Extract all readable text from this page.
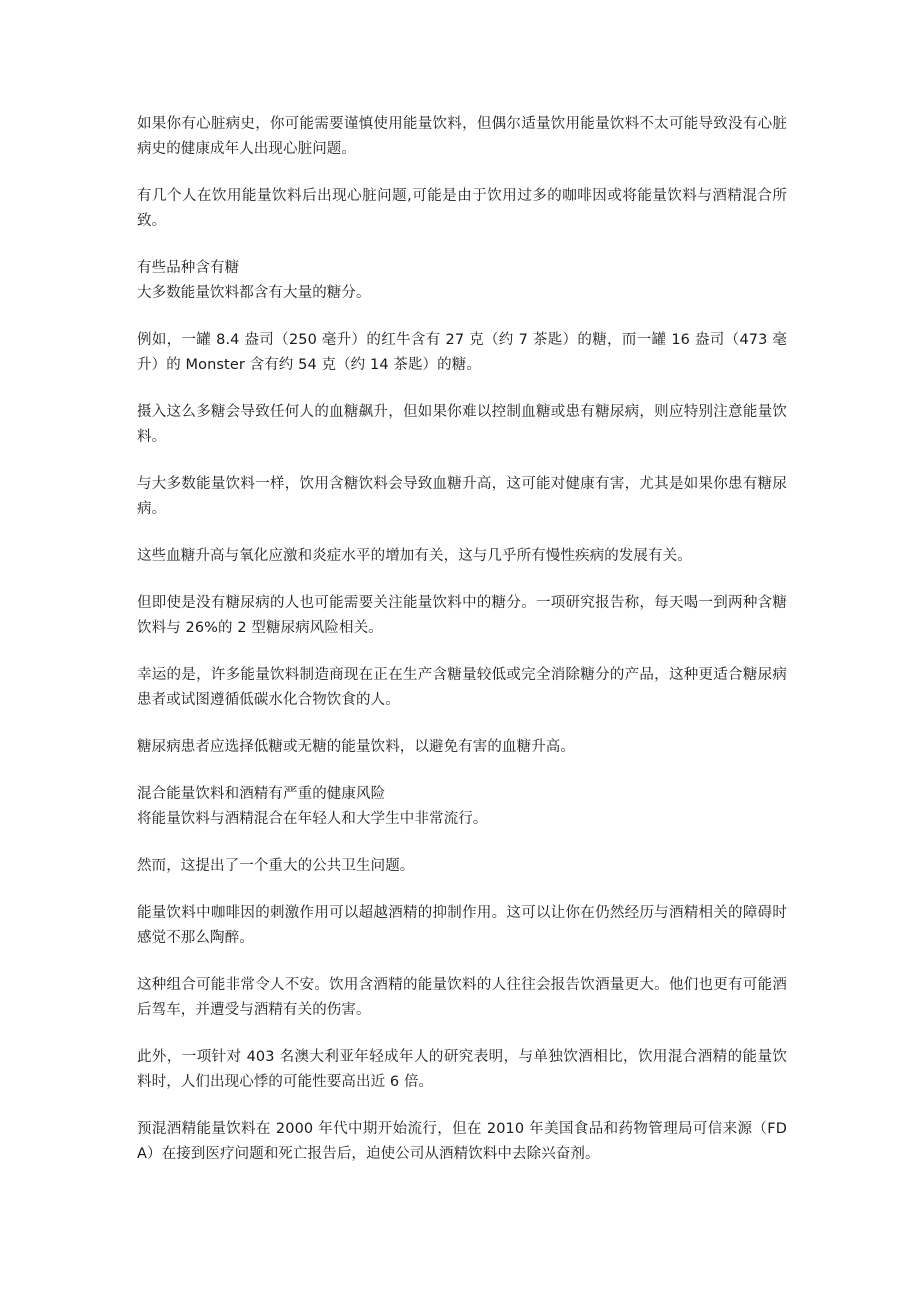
如果你有心脏病史，你可能需要谨慎使用能量饮料，但偶尔适量饮用能量饮料不太可能导致没有心脏病史的健康成年人出现心脏问题。

有几个人在饮用能量饮料后出现心脏问题,可能是由于饮用过多的咖啡因或将能量饮料与酒精混合所致。

有些品种含有糖

大多数能量饮料都含有大量的糖分。

例如，一罐 8.4 盎司（250 毫升）的红牛含有 27 克（约 7 茶匙）的糖，而一罐 16 盎司（473 毫升）的 Monster 含有约 54 克（约 14 茶匙）的糖。

摄入这么多糖会导致任何人的血糖飙升，但如果你难以控制血糖或患有糖尿病，则应特别注意能量饮料。

与大多数能量饮料一样，饮用含糖饮料会导致血糖升高，这可能对健康有害，尤其是如果你患有糖尿病。

这些血糖升高与氧化应激和炎症水平的增加有关，这与几乎所有慢性疾病的发展有关。

但即使是没有糖尿病的人也可能需要关注能量饮料中的糖分。一项研究报告称，每天喝一到两种含糖饮料与 26%的 2 型糖尿病风险相关。

幸运的是，许多能量饮料制造商现在正在生产含糖量较低或完全消除糖分的产品，这种更适合糖尿病患者或试图遵循低碳水化合物饮食的人。

糖尿病患者应选择低糖或无糖的能量饮料，以避免有害的血糖升高。

混合能量饮料和酒精有严重的健康风险

将能量饮料与酒精混合在年轻人和大学生中非常流行。

然而，这提出了一个重大的公共卫生问题。

能量饮料中咖啡因的刺激作用可以超越酒精的抑制作用。这可以让你在仍然经历与酒精相关的障碍时感觉不那么陶醉。

这种组合可能非常令人不安。饮用含酒精的能量饮料的人往往会报告饮酒量更大。他们也更有可能酒后驾车，并遭受与酒精有关的伤害。

此外，一项针对 403 名澳大利亚年轻成年人的研究表明，与单独饮酒相比，饮用混合酒精的能量饮料时，人们出现心悸的可能性要高出近 6 倍。

预混酒精能量饮料在 2000 年代中期开始流行，但在 2010 年美国食品和药物管理局可信来源（FDA）在接到医疗问题和死亡报告后，迫使公司从酒精饮料中去除兴奋剂。
